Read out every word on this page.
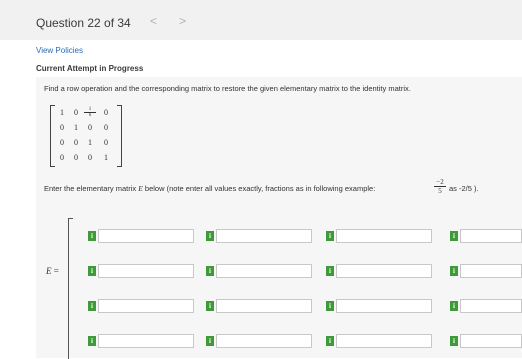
Question 22 of 34 < >
View Policies
Current Attempt in Progress
Find a row operation and the corresponding matrix to restore the given elementary matrix to the identity matrix.
1	0	$\frac{1}{6}$	0
0	1	0	0
0	0	1	0
0	0	0	1
Enter the elementary matrix E below (note enter all values exactly, fractions as in following example:	$\frac{-2}{5}$ as -2/5 ).
E =
i	i	i	i
i	i	i	i
i	i	i	i
i	i	i	i
